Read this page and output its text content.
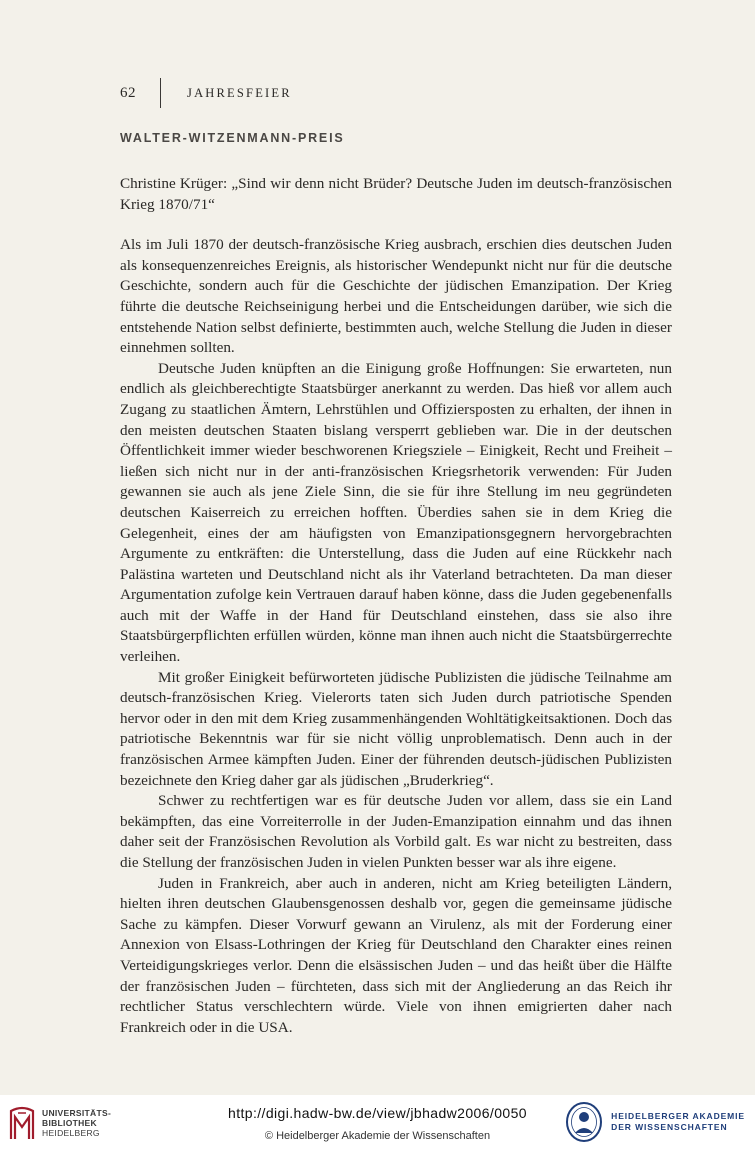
62	JAHRESFEIER
WALTER-WITZENMANN-PREIS

Christine Krüger: „Sind wir denn nicht Brüder? Deutsche Juden im deutsch-französischen Krieg 1870/71“

Als im Juli 1870 der deutsch-französische Krieg ausbrach, erschien dies deutschen Juden als konsequenzenreiches Ereignis, als historischer Wendepunkt nicht nur für die deutsche Geschichte, sondern auch für die Geschichte der jüdischen Emanzipation. Der Krieg führte die deutsche Reichseinigung herbei und die Entscheidungen darüber, wie sich die entstehende Nation selbst definierte, bestimmten auch, welche Stellung die Juden in dieser einnehmen sollten.

Deutsche Juden knüpften an die Einigung große Hoffnungen: Sie erwarteten, nun endlich als gleichberechtigte Staatsbürger anerkannt zu werden. Das hieß vor allem auch Zugang zu staatlichen Ämtern, Lehrstühlen und Offiziersposten zu erhalten, der ihnen in den meisten deutschen Staaten bislang versperrt geblieben war. Die in der deutschen Öffentlichkeit immer wieder beschworenen Kriegsziele – Einigkeit, Recht und Freiheit – ließen sich nicht nur in der anti-französischen Kriegsrhetorik verwenden: Für Juden gewannen sie auch als jene Ziele Sinn, die sie für ihre Stellung im neu gegründeten deutschen Kaiserreich zu erreichen hofften. Überdies sahen sie in dem Krieg die Gelegenheit, eines der am häufigsten von Emanzipationsgegnern hervorgebrachten Argumente zu entkräften: die Unterstellung, dass die Juden auf eine Rückkehr nach Palästina warteten und Deutschland nicht als ihr Vaterland betrachteten. Da man dieser Argumentation zufolge kein Vertrauen darauf haben könne, dass die Juden gegebenenfalls auch mit der Waffe in der Hand für Deutschland einstehen, dass sie also ihre Staatsbürgerpflichten erfüllen würden, könne man ihnen auch nicht die Staatsbürgerrechte verleihen.

Mit großer Einigkeit befürworteten jüdische Publizisten die jüdische Teilnahme am deutsch-französischen Krieg. Vielerorts taten sich Juden durch patriotische Spenden hervor oder in den mit dem Krieg zusammenhängenden Wohltätigkeitsaktionen. Doch das patriotische Bekenntnis war für sie nicht völlig unproblematisch. Denn auch in der französischen Armee kämpften Juden. Einer der führenden deutsch-jüdischen Publizisten bezeichnete den Krieg daher gar als jüdischen „Bruderkrieg“.

Schwer zu rechtfertigen war es für deutsche Juden vor allem, dass sie ein Land bekämpften, das eine Vorreiterrolle in der Juden-Emanzipation einnahm und das ihnen daher seit der Französischen Revolution als Vorbild galt. Es war nicht zu bestreiten, dass die Stellung der französischen Juden in vielen Punkten besser war als ihre eigene.

Juden in Frankreich, aber auch in anderen, nicht am Krieg beteiligten Ländern, hielten ihren deutschen Glaubensgenossen deshalb vor, gegen die gemeinsame jüdische Sache zu kämpfen. Dieser Vorwurf gewann an Virulenz, als mit der Forderung einer Annexion von Elsass-Lothringen der Krieg für Deutschland den Charakter eines reinen Verteidigungskrieges verlor. Denn die elsässischen Juden – und das heißt über die Hälfte der französischen Juden – fürchteten, dass sich mit der Angliederung an das Reich ihr rechtlicher Status verschlechtern würde. Viele von ihnen emigrierten daher nach Frankreich oder in die USA.

UNIVERSITÄTS-
BIBLIOTHEK
HEIDELBERG
http://digi.hadw-bw.de/view/jbhadw2006/0050
© Heidelberger Akademie der Wissenschaften
HEIDELBERGER AKADEMIE
DER WISSENSCHAFTEN
